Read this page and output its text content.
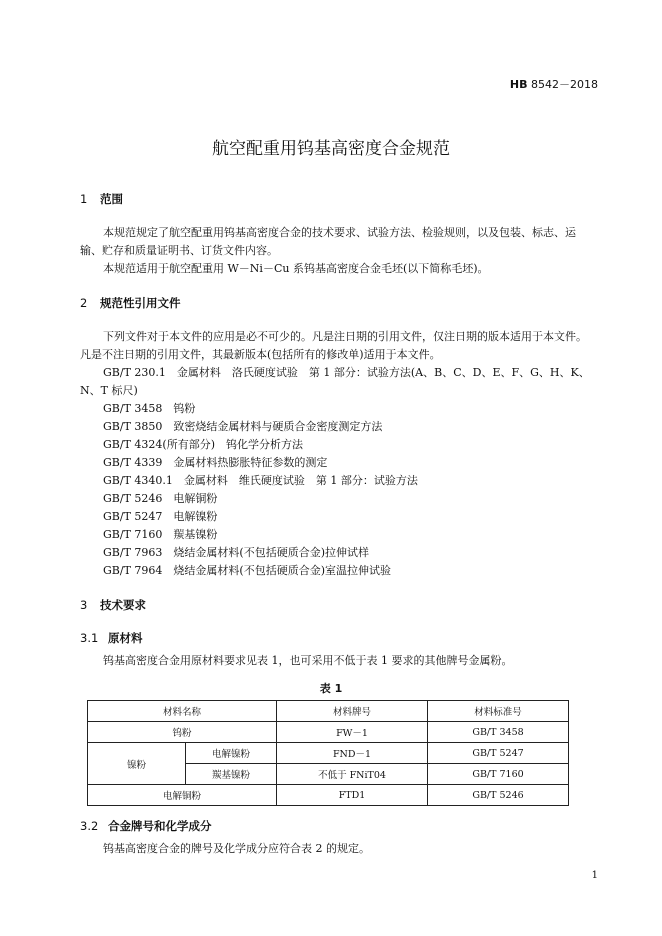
HB 8542－2018
航空配重用钨基高密度合金规范
1 范围
本规范规定了航空配重用钨基高密度合金的技术要求、试验方法、检验规则，以及包装、标志、运
输、贮存和质量证明书、订货文件内容。
本规范适用于航空配重用 W－Ni－Cu 系钨基高密度合金毛坯(以下简称毛坯)。
2 规范性引用文件
下列文件对于本文件的应用是必不可少的。凡是注日期的引用文件，仅注日期的版本适用于本文件。
凡是不注日期的引用文件，其最新版本(包括所有的修改单)适用于本文件。
GB/T 230.1　金属材料　洛氏硬度试验　第 1 部分：试验方法(A、B、C、D、E、F、G、H、K、
N、T 标尺)
GB/T 3458　钨粉
GB/T 3850　致密烧结金属材料与硬质合金密度测定方法
GB/T 4324(所有部分)　钨化学分析方法
GB/T 4339　金属材料热膨胀特征参数的测定
GB/T 4340.1　金属材料　维氏硬度试验　第 1 部分：试验方法
GB/T 5246　电解铜粉
GB/T 5247　电解镍粉
GB/T 7160　羰基镍粉
GB/T 7963　烧结金属材料(不包括硬质合金)拉伸试样
GB/T 7964　烧结金属材料(不包括硬质合金)室温拉伸试验
3 技术要求
3.1 原材料
钨基高密度合金用原材料要求见表 1，也可采用不低于表 1 要求的其他牌号金属粉。
表 1
材料名称		材料牌号	材料标准号
钨粉		FW－1	GB/T 3458
镍粉	电解镍粉	FND－1	GB/T 5247
	羰基镍粉	不低于 FNiT04	GB/T 7160
电解铜粉		FTD1	GB/T 5246
3.2 合金牌号和化学成分
钨基高密度合金的牌号及化学成分应符合表 2 的规定。
1
